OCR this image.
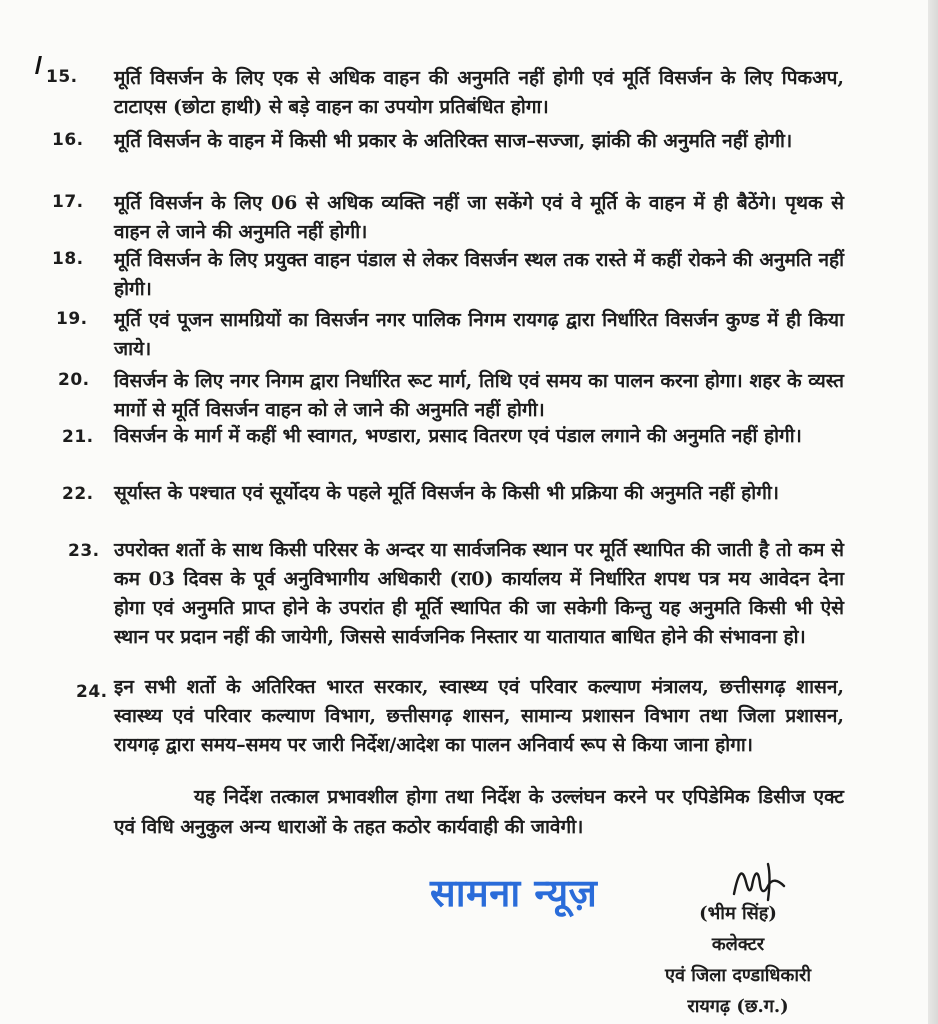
15.	मूर्ति विसर्जन के लिए एक से अधिक वाहन की अनुमति नहीं होगी एवं मूर्ति विसर्जन के लिए पिकअप, टाटाएस (छोटा हाथी) से बड़े वाहन का उपयोग प्रतिबंधित होगा।
16.	मूर्ति विसर्जन के वाहन में किसी भी प्रकार के अतिरिक्त साज–सज्जा, झांकी की अनुमति नहीं होगी।
17.	मूर्ति विसर्जन के लिए 06 से अधिक व्यक्ति नहीं जा सकेंगे एवं वे मूर्ति के वाहन में ही बैठेंगे। पृथक से वाहन ले जाने की अनुमति नहीं होगी।
18.	मूर्ति विसर्जन के लिए प्रयुक्त वाहन पंडाल से लेकर विसर्जन स्थल तक रास्ते में कहीं रोकने की अनुमति नहीं होगी।
19.	मूर्ति एवं पूजन सामग्रियों का विसर्जन नगर पालिक निगम रायगढ़ द्वारा निर्धारित विसर्जन कुण्ड में ही किया जाये।
20.	विसर्जन के लिए नगर निगम द्वारा निर्धारित रूट मार्ग, तिथि एवं समय का पालन करना होगा। शहर के व्यस्त मार्गो से मूर्ति विसर्जन वाहन को ले जाने की अनुमति नहीं होगी।
21.	विसर्जन के मार्ग में कहीं भी स्वागत, भण्डारा, प्रसाद वितरण एवं पंडाल लगाने की अनुमति नहीं होगी।
22.	सूर्यास्त के पश्चात एवं सूर्योदय के पहले मूर्ति विसर्जन के किसी भी प्रक्रिया की अनुमति नहीं होगी।
23. उपरोक्त शर्तो के साथ किसी परिसर के अन्दर या सार्वजनिक स्थान पर मूर्ति स्थापित की जाती है तो कम से कम 03 दिवस के पूर्व अनुविभागीय अधिकारी (रा0) कार्यालय में निर्धारित शपथ पत्र मय आवेदन देना होगा एवं अनुमति प्राप्त होने के उपरांत ही मूर्ति स्थापित की जा सकेगी किन्तु यह अनुमति किसी भी ऐसे स्थान पर प्रदान नहीं की जायेगी, जिससे सार्वजनिक निस्तार या यातायात बाधित होने की संभावना हो।
24. इन सभी शर्तो के अतिरिक्त भारत सरकार, स्वास्थ्य एवं परिवार कल्याण मंत्रालय, छत्तीसगढ़ शासन, स्वास्थ्य एवं परिवार कल्याण विभाग, छत्तीसगढ़ शासन, सामान्य प्रशासन विभाग तथा जिला प्रशासन, रायगढ़ द्वारा समय–समय पर जारी निर्देश/आदेश का पालन अनिवार्य रूप से किया जाना होगा।
यह निर्देश तत्काल प्रभावशील होगा तथा निर्देश के उल्लंघन करने पर एपिडेमिक डिसीज एक्ट एवं विधि अनुकुल अन्य धाराओं के तहत कठोर कार्यवाही की जावेगी।
सामना न्यूज़	(भीम सिंह)
कलेक्टर
एवं जिला दण्डाधिकारी
रायगढ़ (छ.ग.)
